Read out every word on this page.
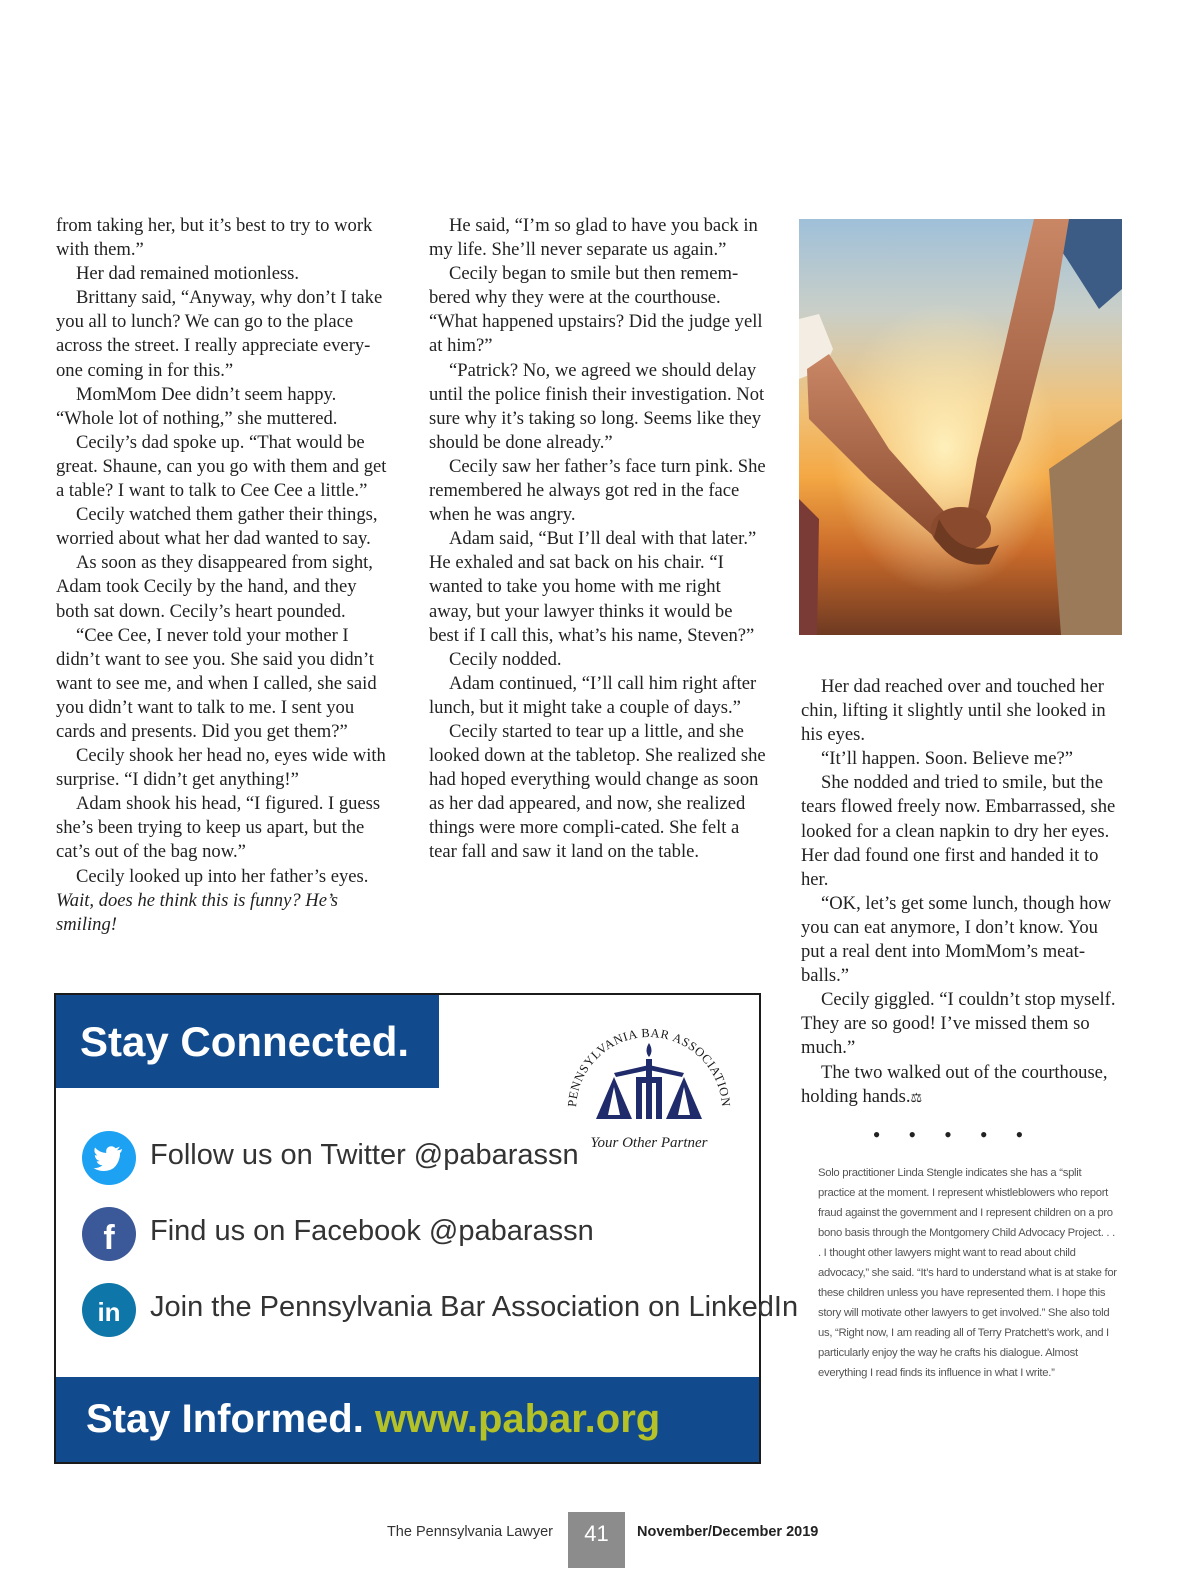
from taking her, but it’s best to try to work with them.”

Her dad remained motionless.

Brittany said, “Anyway, why don’t I take you all to lunch? We can go to the place across the street. I really appreciate every-one coming in for this.”

MomMom Dee didn’t seem happy. “Whole lot of nothing,” she muttered.

Cecily’s dad spoke up. “That would be great. Shaune, can you go with them and get a table? I want to talk to Cee Cee a little.”

Cecily watched them gather their things, worried about what her dad wanted to say.

As soon as they disappeared from sight, Adam took Cecily by the hand, and they both sat down. Cecily’s heart pounded.

“Cee Cee, I never told your mother I didn’t want to see you. She said you didn’t want to see me, and when I called, she said you didn’t want to talk to me. I sent you cards and presents. Did you get them?”

Cecily shook her head no, eyes wide with surprise. “I didn’t get anything!”

Adam shook his head, “I figured. I guess she’s been trying to keep us apart, but the cat’s out of the bag now.”

Cecily looked up into her father’s eyes.

Wait, does he think this is funny? He’s smiling!

He said, “I’m so glad to have you back in my life. She’ll never separate us again.”

Cecily began to smile but then remem-bered why they were at the courthouse. “What happened upstairs? Did the judge yell at him?”

“Patrick? No, we agreed we should delay until the police finish their investigation. Not sure why it’s taking so long. Seems like they should be done already.”

Cecily saw her father’s face turn pink. She remembered he always got red in the face when he was angry.

Adam said, “But I’ll deal with that later.” He exhaled and sat back on his chair. “I wanted to take you home with me right away, but your lawyer thinks it would be best if I call this, what’s his name, Steven?”

Cecily nodded.

Adam continued, “I’ll call him right after lunch, but it might take a couple of days.”

Cecily started to tear up a little, and she looked down at the tabletop. She realized she had hoped everything would change as soon as her dad appeared, and now, she realized things were more compli-cated. She felt a tear fall and saw it land on the table.

Her dad reached over and touched her chin, lifting it slightly until she looked in his eyes.

“It’ll happen. Soon. Believe me?”

She nodded and tried to smile, but the tears flowed freely now. Embarrassed, she looked for a clean napkin to dry her eyes. Her dad found one first and handed it to her.

“OK, let’s get some lunch, though how you can eat anymore, I don’t know. You put a real dent into MomMom’s meat-balls.”

Cecily giggled. “I couldn’t stop myself. They are so good! I’ve missed them so much.”

The two walked out of the courthouse, holding hands.⚖

•••••
Solo practitioner Linda Stengle indicates she has a “split practice at the moment. I represent whistleblowers who report fraud against the government and I represent children on a pro bono basis through the Montgomery Child Advocacy Project. . . . I thought other lawyers might want to read about child advocacy,” she said. “It’s hard to understand what is at stake for these children unless you have represented them. I hope this story will motivate other lawyers to get involved.” She also told us, “Right now, I am reading all of Terry Pratchett’s work, and I particularly enjoy the way he crafts his dialogue. Almost everything I read finds its influence in what I write.”
Stay Connected.
PENNSYLVANIA BAR ASSOCIATION
Your Other Partner
Follow us on Twitter @pabarassn
f Find us on Facebook @pabarassn
in Join the Pennsylvania Bar Association on LinkedIn
Stay Informed. www.pabar.org
The Pennsylvania Lawyer	41	November/December 2019
